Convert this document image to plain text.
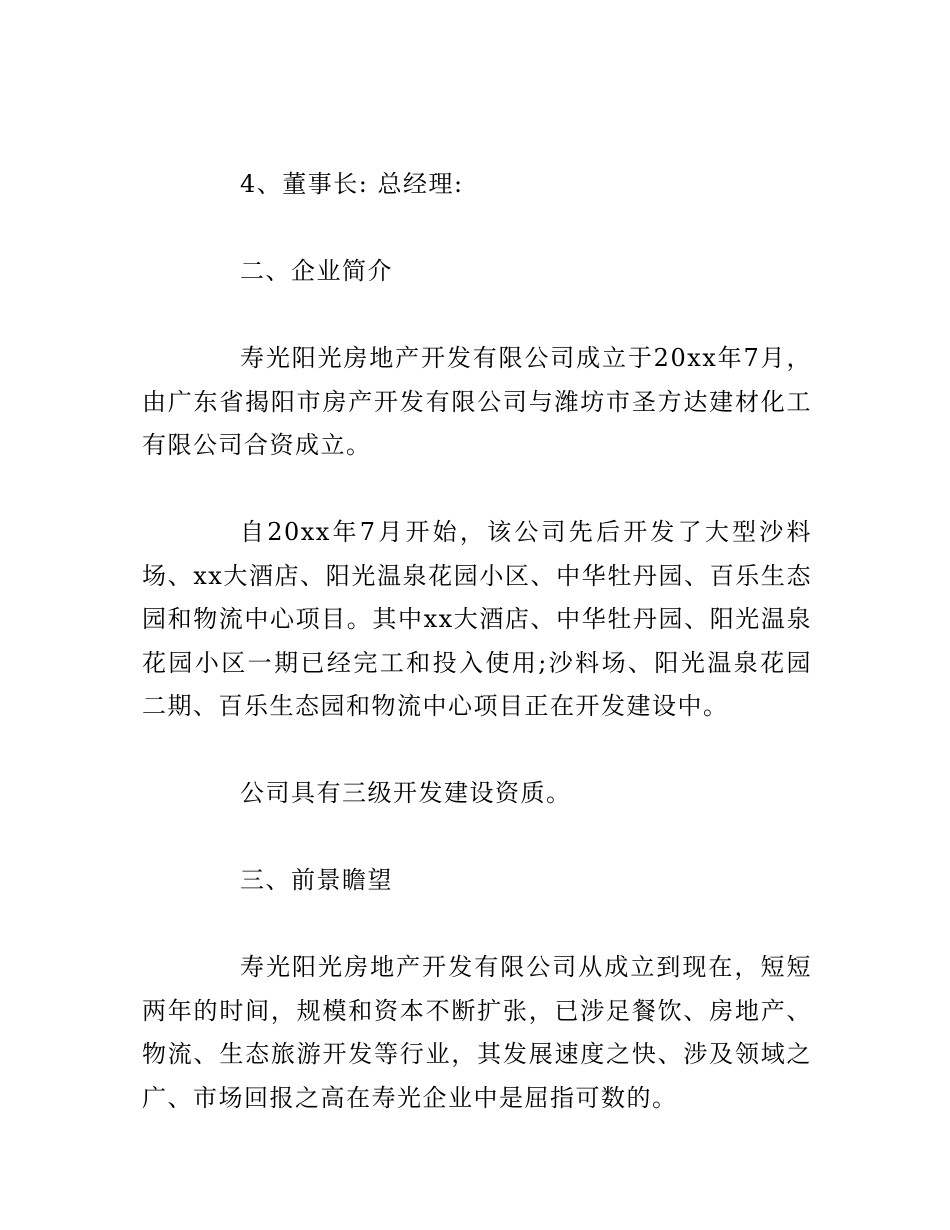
4、董事长: 总经理:

二、企业简介

寿光阳光房地产开发有限公司成立于20xx年7月，由广东省揭阳市房产开发有限公司与潍坊市圣方达建材化工有限公司合资成立。

自20xx年7月开始，该公司先后开发了大型沙料场、xx大酒店、阳光温泉花园小区、中华牡丹园、百乐生态园和物流中心项目。其中xx大酒店、中华牡丹园、阳光温泉花园小区一期已经完工和投入使用;沙料场、阳光温泉花园二期、百乐生态园和物流中心项目正在开发建设中。

公司具有三级开发建设资质。

三、前景瞻望

寿光阳光房地产开发有限公司从成立到现在，短短两年的时间，规模和资本不断扩张，已涉足餐饮、房地产、物流、生态旅游开发等行业，其发展速度之快、涉及领域之广、市场回报之高在寿光企业中是屈指可数的。
